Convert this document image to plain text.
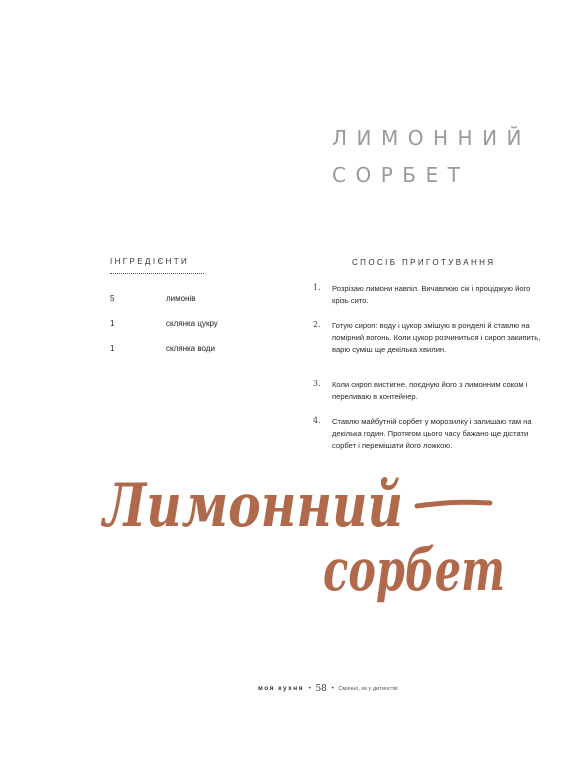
ЛИМОННИЙ
СОРБЕТ
ІНГРЕДІЄНТИ
5	лимонів
1	склянка цукру
1	склянка води
СПОСІБ ПРИГОТУВАННЯ
1. Розрізаю лимони навпіл. Вичавлюю сік і проціджую його крізь сито.
2. Готую сироп: воду і цукор змішую в ронделі й ставлю на помірний вогонь. Коли цукор розчиниться і сироп закипить, варю суміш ще декілька хвилин.
3. Коли сироп вистигне, поєдную його з лимонним соком і переливаю в контейнер.
4. Ставлю майбутній сорбет у морозилку і залишаю там на декілька годин. Протягом цього часу бажано ще дістати сорбет і перемішати його ложкою.
Лимонний
сорбет
моя кухня • 58 • Смачно, як у дитинстві
